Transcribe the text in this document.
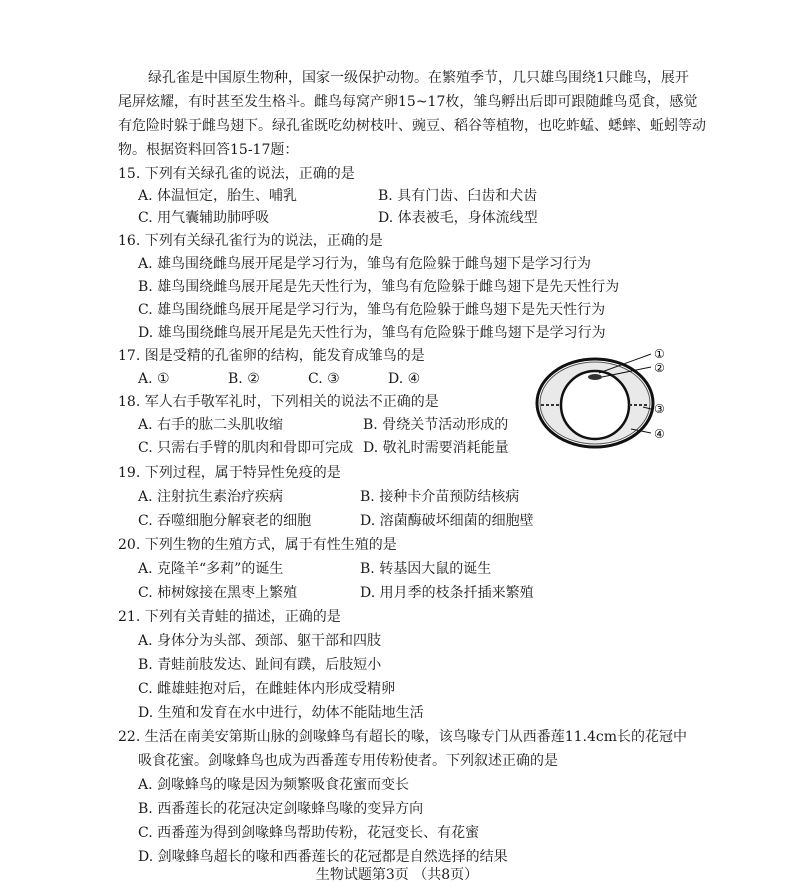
绿孔雀是中国原生物种，国家一级保护动物。在繁殖季节，几只雄鸟围绕1只雌鸟，展开
尾屏炫耀，有时甚至发生格斗。雌鸟每窝产卵15~17枚，雏鸟孵出后即可跟随雌鸟觅食，感觉
有危险时躲于雌鸟翅下。绿孔雀既吃幼树枝叶、豌豆、稻谷等植物，也吃蚱蜢、蟋蟀、蚯蚓等动
物。根据资料回答15-17题：
15. 下列有关绿孔雀的说法，正确的是
A. 体温恒定，胎生、哺乳	B. 具有门齿、臼齿和犬齿
C. 用气囊辅助肺呼吸	D. 体表被毛，身体流线型
16. 下列有关绿孔雀行为的说法，正确的是
A. 雄鸟围绕雌鸟展开尾是学习行为，雏鸟有危险躲于雌鸟翅下是学习行为
B. 雄鸟围绕雌鸟展开尾是先天性行为，雏鸟有危险躲于雌鸟翅下是先天性行为
C. 雄鸟围绕雌鸟展开尾是学习行为，雏鸟有危险躲于雌鸟翅下是先天性行为
D. 雄鸟围绕雌鸟展开尾是先天性行为，雏鸟有危险躲于雌鸟翅下是学习行为
17. 图是受精的孔雀卵的结构，能发育成雏鸟的是
A. ①	B. ②	C. ③	D. ④
①
②
③
④
18. 军人右手敬军礼时，下列相关的说法不正确的是
A. 右手的肱二头肌收缩	B. 骨绕关节活动形成的
C. 只需右手臂的肌肉和骨即可完成 D. 敬礼时需要消耗能量
19. 下列过程，属于特异性免疫的是
A. 注射抗生素治疗疾病	B. 接种卡介苗预防结核病
C. 吞噬细胞分解衰老的细胞	D. 溶菌酶破坏细菌的细胞壁
20. 下列生物的生殖方式，属于有性生殖的是
A. 克隆羊“多莉”的诞生	B. 转基因大鼠的诞生
C. 柿树嫁接在黑枣上繁殖	D. 用月季的枝条扦插来繁殖
21. 下列有关青蛙的描述，正确的是
A. 身体分为头部、颈部、躯干部和四肢
B. 青蛙前肢发达、趾间有蹼，后肢短小
C. 雌雄蛙抱对后，在雌蛙体内形成受精卵
D. 生殖和发育在水中进行，幼体不能陆地生活
22. 生活在南美安第斯山脉的剑喙蜂鸟有超长的喙，该鸟喙专门从西番莲11.4cm长的花冠中
吸食花蜜。剑喙蜂鸟也成为西番莲专用传粉使者。下列叙述正确的是
A. 剑喙蜂鸟的喙是因为频繁吸食花蜜而变长
B. 西番莲长的花冠决定剑喙蜂鸟喙的变异方向
C. 西番莲为得到剑喙蜂鸟帮助传粉，花冠变长、有花蜜
D. 剑喙蜂鸟超长的喙和西番莲长的花冠都是自然选择的结果
生物试题第3页 （共8页）
